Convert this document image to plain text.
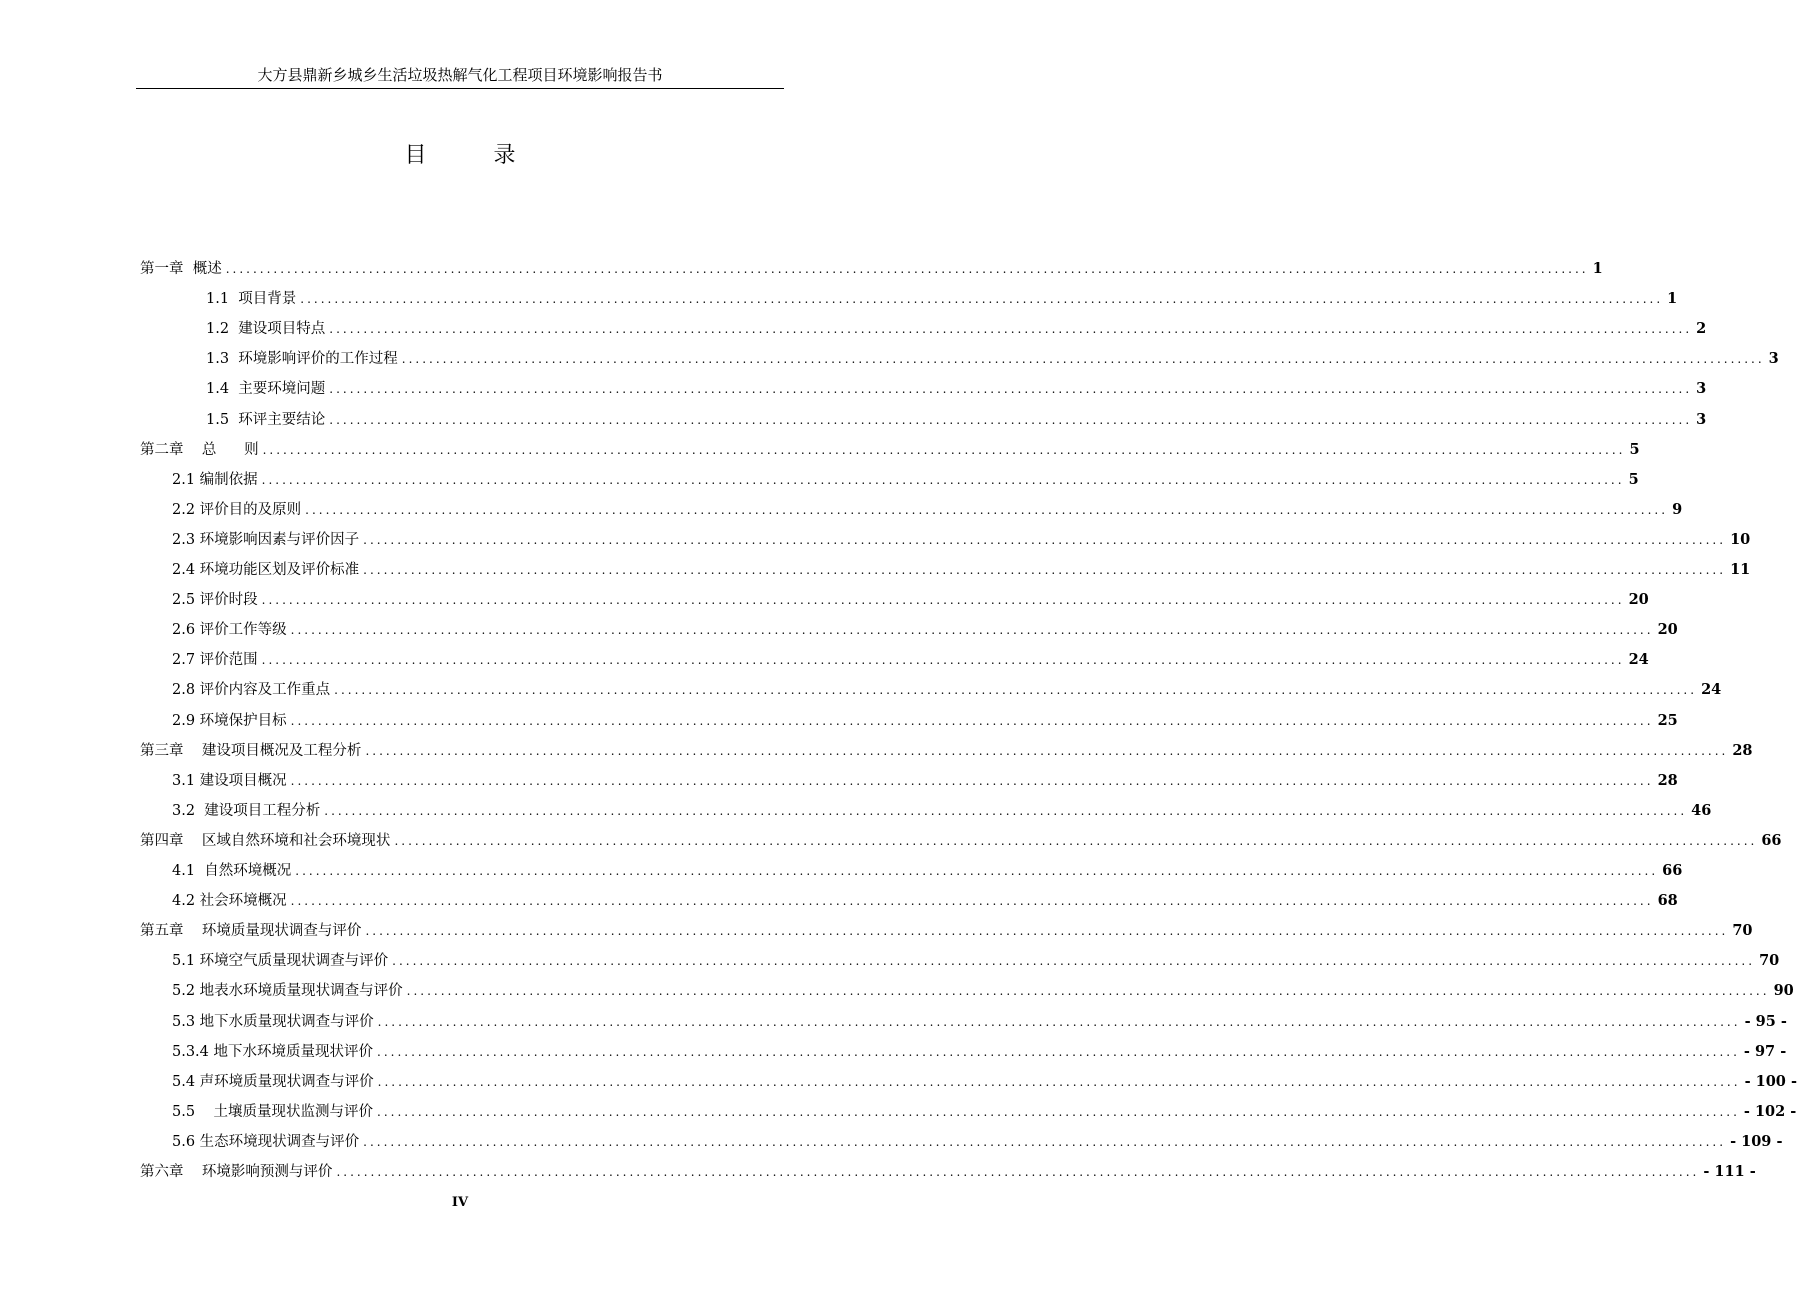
大方县鼎新乡城乡生活垃圾热解气化工程项目环境影响报告书
目 录
第一章  概述 ........................................................................................................................................................................................................ 1
1.1  项目背景 ........................................................................................................................................................................................................ 1
1.2  建设项目特点 ........................................................................................................................................................................................................ 2
1.3  环境影响评价的工作过程 ........................................................................................................................................................................................................ 3
1.4  主要环境问题 ........................................................................................................................................................................................................ 3
1.5  环评主要结论 ........................................................................................................................................................................................................ 3
第二章    总      则 ........................................................................................................................................................................................................ 5
2.1 编制依据 ........................................................................................................................................................................................................ 5
2.2 评价目的及原则 ........................................................................................................................................................................................................ 9
2.3 环境影响因素与评价因子 ........................................................................................................................................................................................................ 10
2.4 环境功能区划及评价标准 ........................................................................................................................................................................................................ 11
2.5 评价时段 ........................................................................................................................................................................................................ 20
2.6 评价工作等级 ........................................................................................................................................................................................................ 20
2.7 评价范围 ........................................................................................................................................................................................................ 24
2.8 评价内容及工作重点 ........................................................................................................................................................................................................ 24
2.9 环境保护目标 ........................................................................................................................................................................................................ 25
第三章    建设项目概况及工程分析 ........................................................................................................................................................................................................ 28
3.1 建设项目概况 ........................................................................................................................................................................................................ 28
3.2  建设项目工程分析 ........................................................................................................................................................................................................ 46
第四章    区域自然环境和社会环境现状 ........................................................................................................................................................................................................ 66
4.1  自然环境概况 ........................................................................................................................................................................................................ 66
4.2 社会环境概况 ........................................................................................................................................................................................................ 68
第五章    环境质量现状调查与评价 ........................................................................................................................................................................................................ 70
5.1 环境空气质量现状调查与评价 ........................................................................................................................................................................................................ 70
5.2 地表水环境质量现状调查与评价 ........................................................................................................................................................................................................ 90
5.3 地下水质量现状调查与评价 ........................................................................................................................................................................................................ - 95 -
5.3.4 地下水环境质量现状评价 ........................................................................................................................................................................................................ - 97 -
5.4 声环境质量现状调查与评价 ........................................................................................................................................................................................................ - 100 -
5.5    土壤质量现状监测与评价 ........................................................................................................................................................................................................ - 102 -
5.6 生态环境现状调查与评价 ........................................................................................................................................................................................................ - 109 -
第六章    环境影响预测与评价 ........................................................................................................................................................................................................ - 111 -
IV
